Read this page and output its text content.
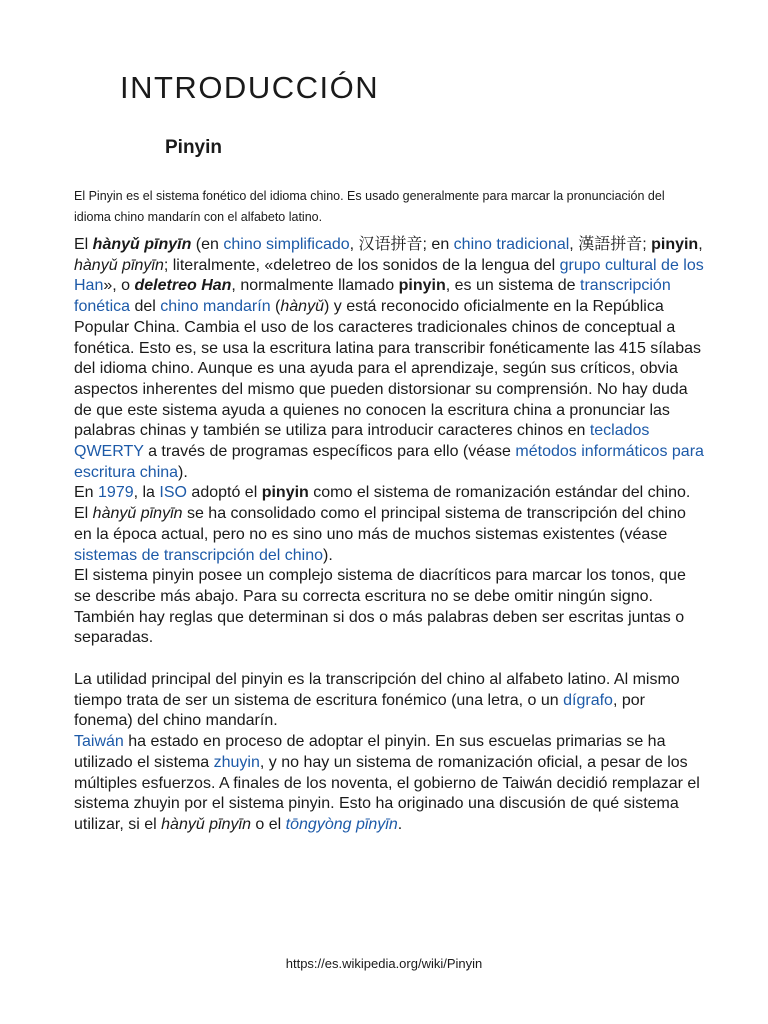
INTRODUCCIÓN
Pinyin

El Pinyin es el sistema fonético del idioma chino. Es usado generalmente para marcar la pronunciación del idioma chino mandarín con el alfabeto latino.

El hànyǔ pīnyīn (en chino simplificado, 汉语拼音; en chino tradicional, 漢語拼音; pinyin, hànyǔ pīnyīn; literalmente, «deletreo de los sonidos de la lengua del grupo cultural de los Han», o deletreo Han, normalmente llamado pinyin, es un sistema de transcripción fonética del chino mandarín (hànyǔ) y está reconocido oficialmente en la República Popular China. Cambia el uso de los caracteres tradicionales chinos de conceptual a fonética. Esto es, se usa la escritura latina para transcribir fonéticamente las 415 sílabas del idioma chino. Aunque es una ayuda para el aprendizaje, según sus críticos, obvia aspectos inherentes del mismo que pueden distorsionar su comprensión. No hay duda de que este sistema ayuda a quienes no conocen la escritura china a pronunciar las palabras chinas y también se utiliza para introducir caracteres chinos en teclados QWERTY a través de programas específicos para ello (véase métodos informáticos para escritura china).

En 1979, la ISO adoptó el pinyin como el sistema de romanización estándar del chino.

El hànyǔ pīnyīn se ha consolidado como el principal sistema de transcripción del chino en la época actual, pero no es sino uno más de muchos sistemas existentes (véase sistemas de transcripción del chino).

El sistema pinyin posee un complejo sistema de diacríticos para marcar los tonos, que se describe más abajo. Para su correcta escritura no se debe omitir ningún signo. También hay reglas que determinan si dos o más palabras deben ser escritas juntas o separadas.

La utilidad principal del pinyin es la transcripción del chino al alfabeto latino. Al mismo tiempo trata de ser un sistema de escritura fonémico (una letra, o un dígrafo, por fonema) del chino mandarín.

Taiwán ha estado en proceso de adoptar el pinyin. En sus escuelas primarias se ha utilizado el sistema zhuyin, y no hay un sistema de romanización oficial, a pesar de los múltiples esfuerzos. A finales de los noventa, el gobierno de Taiwán decidió remplazar el sistema zhuyin por el sistema pinyin. Esto ha originado una discusión de qué sistema utilizar, si el hànyǔ pīnyīn o el tōngyòng pīnyīn.

https://es.wikipedia.org/wiki/Pinyin
